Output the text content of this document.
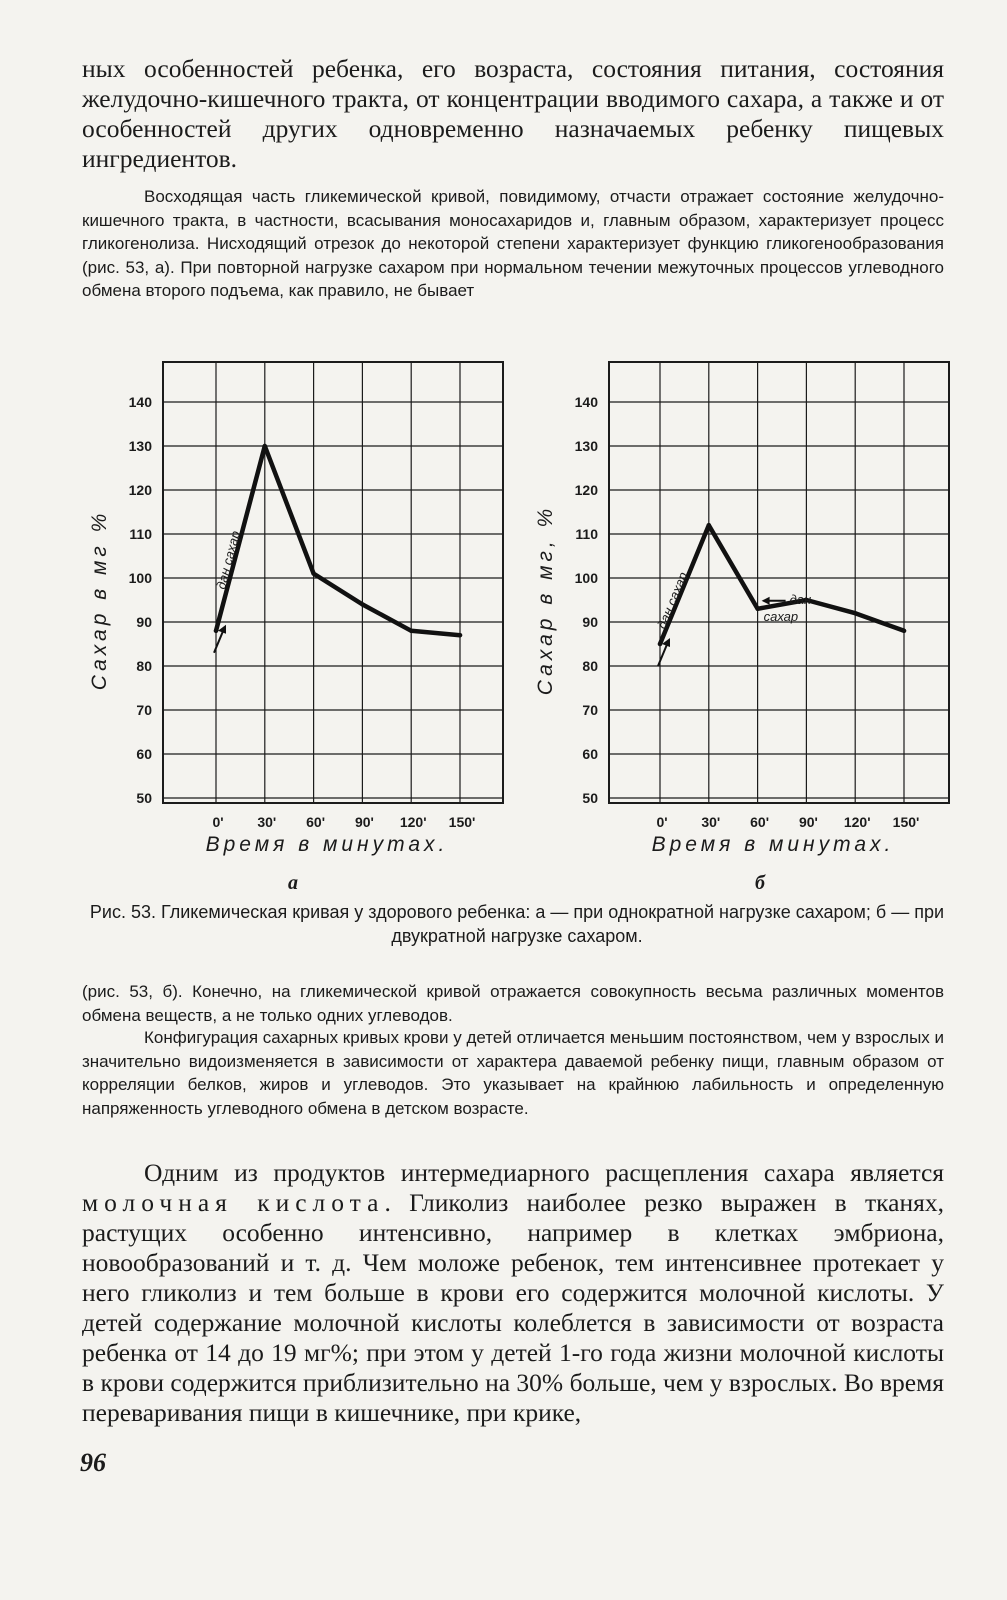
ных особенностей ребенка, его возраста, состояния питания, состояния желудочно-кишечного тракта, от концентрации вводимого сахара, а также и от особенностей других одновременно назначаемых ребенку пищевых ингредиентов.

Восходящая часть гликемической кривой, повидимому, отчасти отражает состояние желудочно-кишечного тракта, в частности, всасывания моносахаридов и, главным образом, характеризует процесс гликогенолиза. Нисходящий отрезок до некоторой степени характеризует функцию гликогенообразования (рис. 53, а). При повторной нагрузке сахаром при нормальном течении межуточных процессов углеводного обмена второго подъема, как правило, не бывает

140
130
120
110
100
90
80
70
60
50
0' 30' 60' 90' 120' 150'
Время в минутах.
Сахар в мг %	дан сахар
140
130
120
110
100
90
80
70
60
50
0' 30' 60' 90' 120' 150'
Время в минутах.
Сахар в мг, %	дан сахар	дан
сахар
а	б

Рис. 53. Гликемическая кривая у здорового ребенка: а — при однократной нагрузке сахаром; б — при двукратной нагрузке сахаром.

(рис. 53, б). Конечно, на гликемической кривой отражается совокупность весьма различных моментов обмена веществ, а не только одних углеводов.

Конфигурация сахарных кривых крови у детей отличается меньшим постоянством, чем у взрослых и значительно видоизменяется в зависимости от характера даваемой ребенку пищи, главным образом от корреляции белков, жиров и углеводов. Это указывает на крайнюю лабильность и определенную напряженность углеводного обмена в детском возрасте.

Одним из продуктов интермедиарного расщепления сахара является молочная кислота. Гликолиз наиболее резко выражен в тканях, растущих особенно интенсивно, например в клетках эмбриона, новообразований и т. д. Чем моложе ребенок, тем интенсивнее протекает у него гликолиз и тем больше в крови его содержится молочной кислоты. У детей содержание молочной кислоты колеблется в зависимости от возраста ребенка от 14 до 19 мг%; при этом у детей 1-го года жизни молочной кислоты в крови содержится приблизительно на 30% больше, чем у взрослых. Во время переваривания пищи в кишечнике, при крике,

96
